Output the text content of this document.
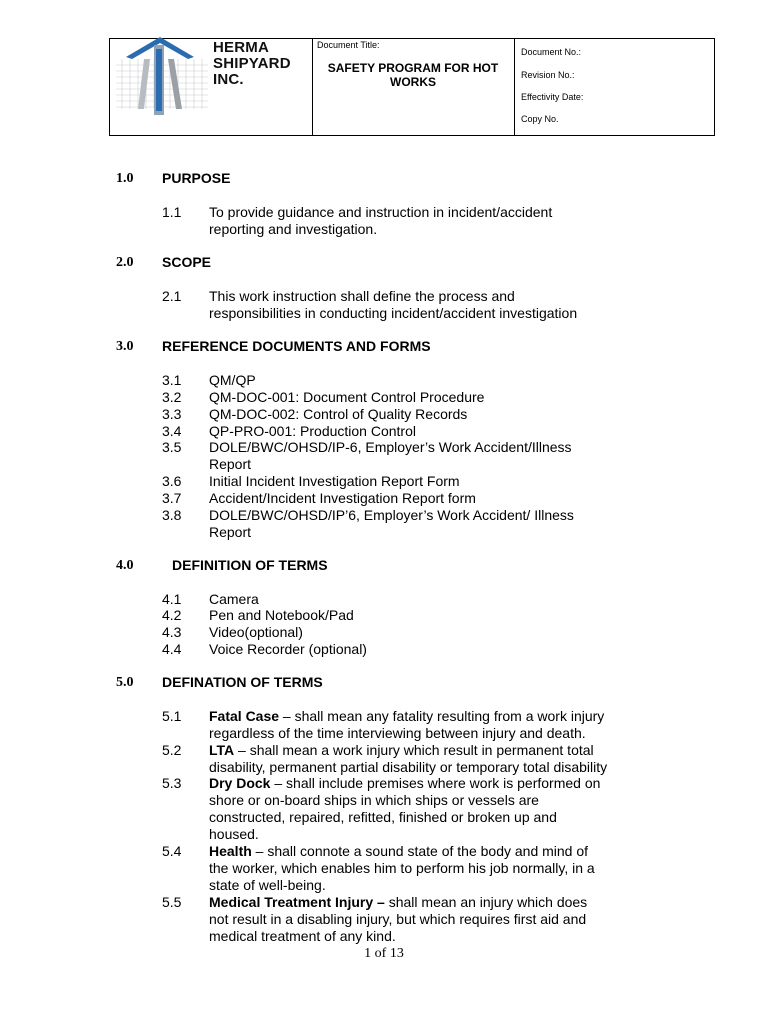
HERMA
SHIPYARD INC.
Document Title:
SAFETY PROGRAM FOR HOT WORKS
Document No.:
Revision No.:
Effectivity Date:
Copy No.
1.0 PURPOSE
1.1	To provide guidance and instruction in incident/accident
reporting and investigation.
2.0 SCOPE
2.1	This work instruction shall define the process and
responsibilities in conducting incident/accident investigation
3.0 REFERENCE DOCUMENTS AND FORMS
3.1	QM/QP
3.2	QM-DOC-001: Document Control Procedure
3.3	QM-DOC-002: Control of Quality Records
3.4	QP-PRO-001: Production Control
3.5	DOLE/BWC/OHSD/IP-6, Employer’s Work Accident/Illness
Report
3.6	Initial Incident Investigation Report Form
3.7	Accident/Incident Investigation Report form
3.8	DOLE/BWC/OHSD/IP’6, Employer’s Work Accident/ Illness
Report
4.0	DEFINITION OF TERMS
4.1	Camera
4.2	Pen and Notebook/Pad
4.3	Video(optional)
4.4	Voice Recorder (optional)
5.0 DEFINATION OF TERMS
5.1	Fatal Case – shall mean any fatality resulting from a work injury
regardless of the time interviewing between injury and death.
5.2	LTA – shall mean a work injury which result in permanent total
disability, permanent partial disability or temporary total disability
5.3	Dry Dock – shall include premises where work is performed on
shore or on-board ships in which ships or vessels are
constructed, repaired, refitted, finished or broken up and
housed.
5.4	Health – shall connote a sound state of the body and mind of
the worker, which enables him to perform his job normally, in a
state of well-being.
5.5	Medical Treatment Injury – shall mean an injury which does
not result in a disabling injury, but which requires first aid and
medical treatment of any kind.
1 of 13
